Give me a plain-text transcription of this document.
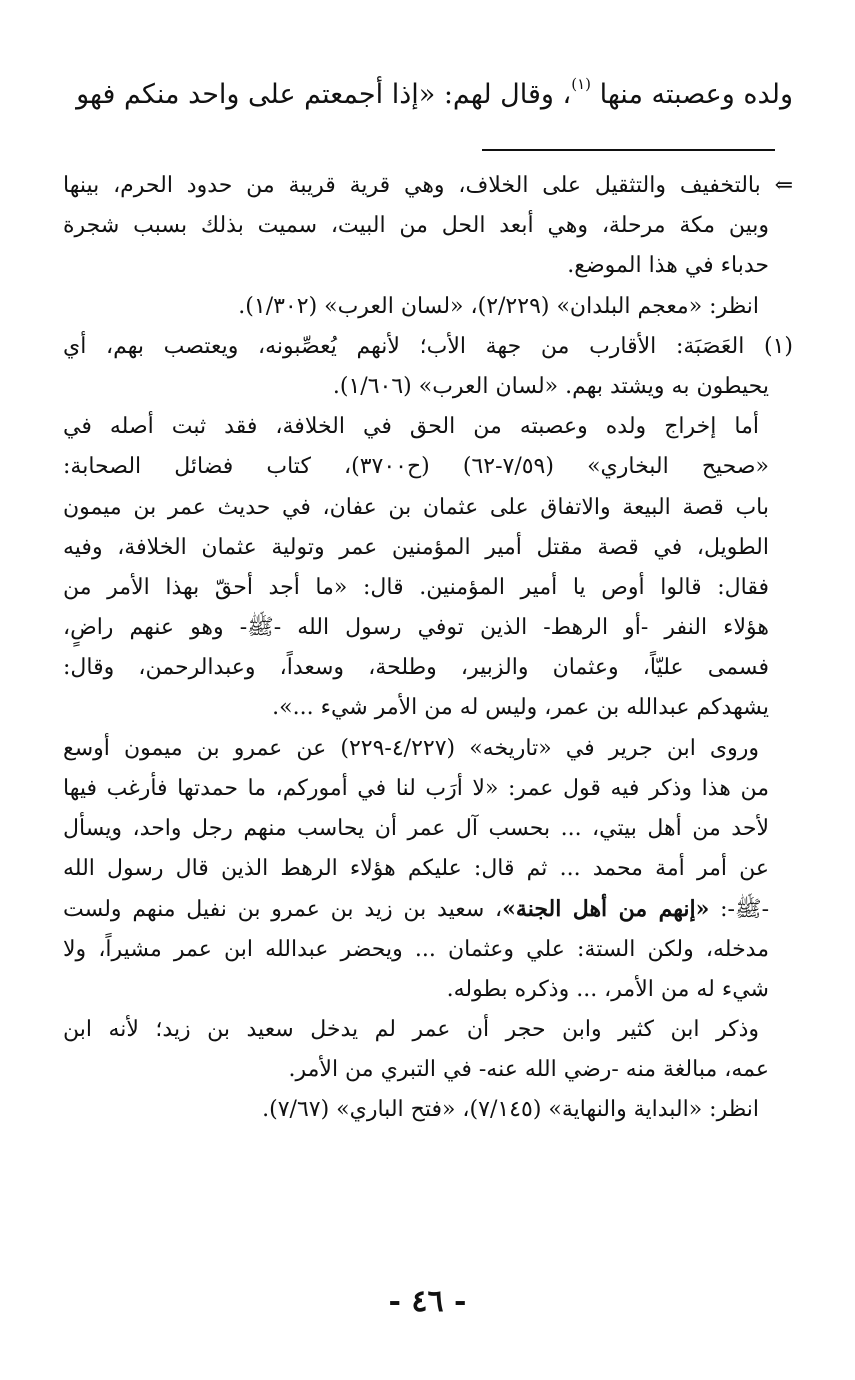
ولده وعصبته منها $^{(١)}$، وقال لهم: «إذا أجمعتم على واحد منكم فهو
⇐ بالتخفيف والتثقيل على الخلاف، وهي قرية قريبة من حدود الحرم، بينها
وبين مكة مرحلة، وهي أبعد الحل من البيت، سميت بذلك بسبب شجرة
حدباء في هذا الموضع.
انظر: «معجم البلدان» (٢/٢٢٩)، «لسان العرب» (١/٣٠٢).
(١) العَصَبَة: الأقارب من جهة الأب؛ لأنهم يُعصِّبونه، ويعتصب بهم، أي
يحيطون به ويشتد بهم. «لسان العرب» (١/٦٠٦).
أما إخراج ولده وعصبته من الحق في الخلافة، فقد ثبت أصله في
«صحيح البخاري» (٧/٥٩-٦٢) (ح٣٧٠٠)، كتاب فضائل الصحابة:
باب قصة البيعة والاتفاق على عثمان بن عفان، في حديث عمر بن ميمون
الطويل، في قصة مقتل أمير المؤمنين عمر وتولية عثمان الخلافة، وفيه
فقال: قالوا أوص يا أمير المؤمنين. قال: «ما أجد أحقّ بهذا الأمر من
هؤلاء النفر -أو الرهط- الذين توفي رسول الله -ﷺ- وهو عنهم راضٍ،
فسمى عليّاً، وعثمان والزبير، وطلحة، وسعداً، وعبدالرحمن، وقال:
يشهدكم عبدالله بن عمر، وليس له من الأمر شيء ...».
وروى ابن جرير في «تاريخه» (٤/٢٢٧-٢٢٩) عن عمرو بن ميمون أوسع
من هذا وذكر فيه قول عمر: «لا أرَب لنا في أموركم، ما حمدتها فأرغب فيها
لأحد من أهل بيتي، ... بحسب آل عمر أن يحاسب منهم رجل واحد، ويسأل
عن أمر أمة محمد ... ثم قال: عليكم هؤلاء الرهط الذين قال رسول الله
-ﷺ-: «إنهم من أهل الجنة»، سعيد بن زيد بن عمرو بن نفيل منهم ولست
مدخله، ولكن الستة: علي وعثمان ... ويحضر عبدالله ابن عمر مشيراً، ولا
شيء له من الأمر، ... وذكره بطوله.
وذكر ابن كثير وابن حجر أن عمر لم يدخل سعيد بن زيد؛ لأنه ابن
عمه، مبالغة منه -رضي الله عنه- في التبري من الأمر.
انظر: «البداية والنهاية» (٧/١٤٥)، «فتح الباري» (٧/٦٧).
- ٤٦ -
